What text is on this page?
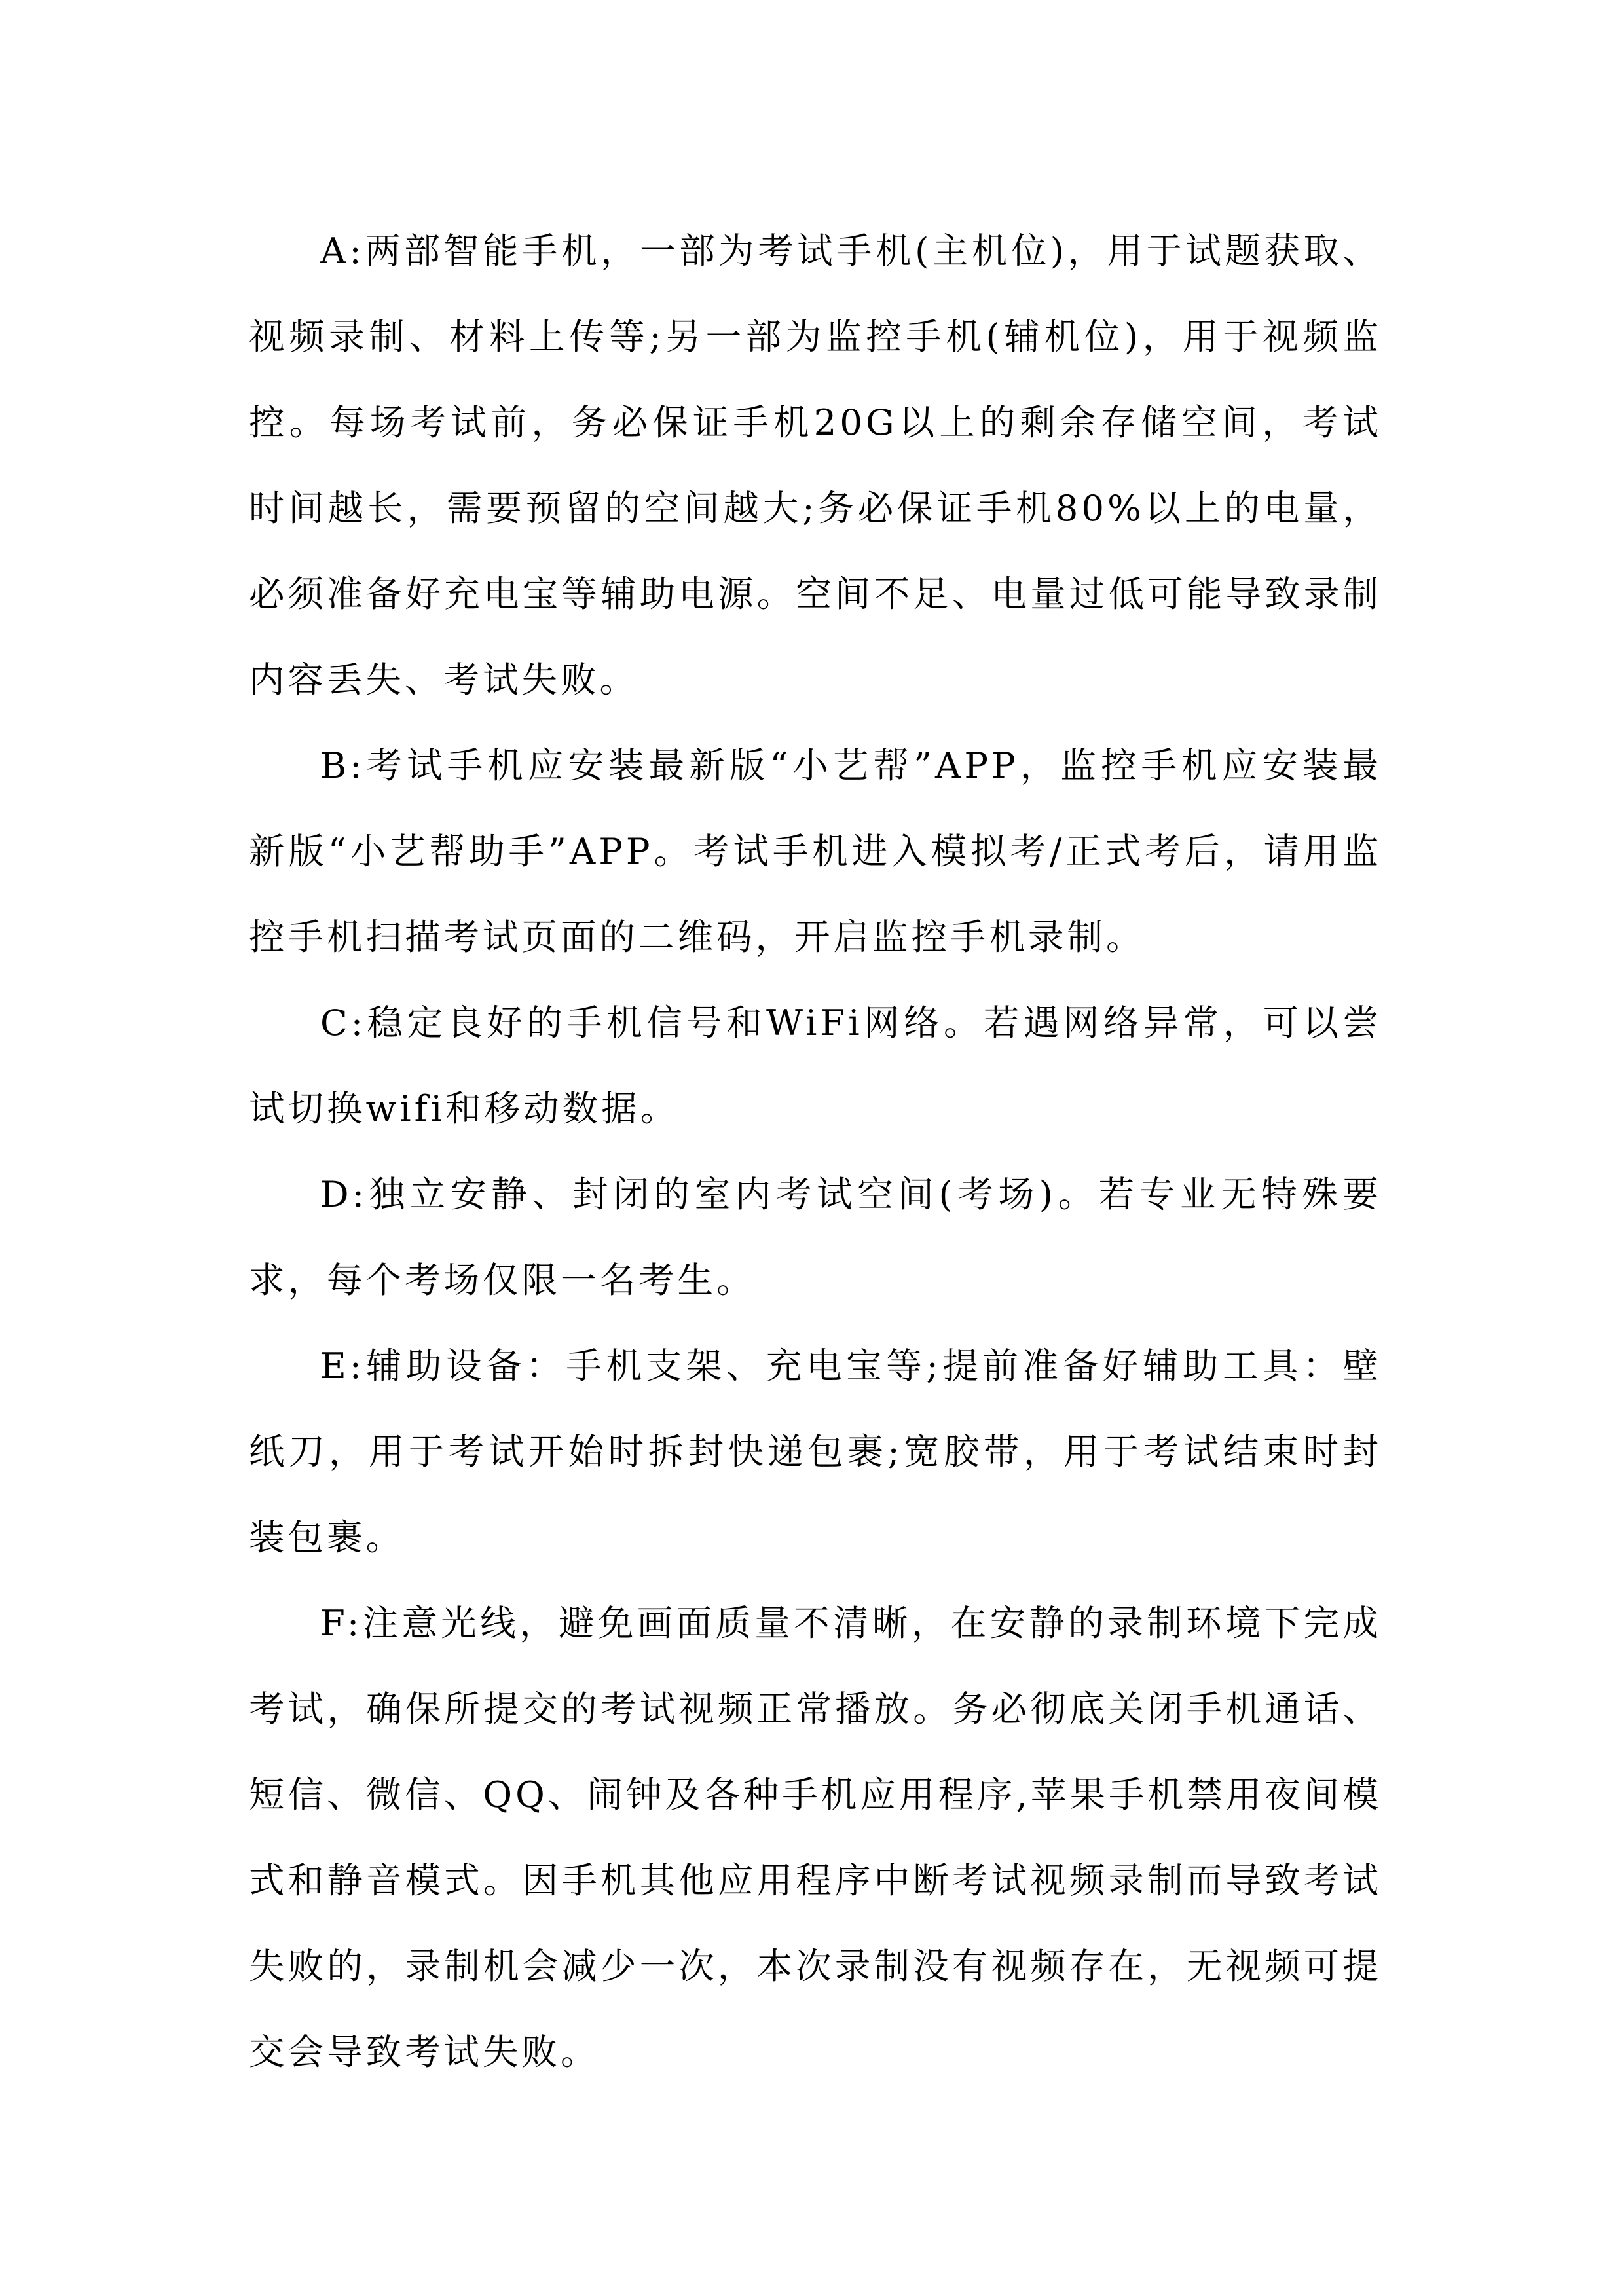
A:两部智能手机，一部为考试手机(主机位)，用于试题获取、视频录制、材料上传等;另一部为监控手机(辅机位)，用于视频监控。每场考试前，务必保证手机20G以上的剩余存储空间，考试时间越长，需要预留的空间越大;务必保证手机80%以上的电量，必须准备好充电宝等辅助电源。空间不足、电量过低可能导致录制内容丢失、考试失败。

B:考试手机应安装最新版“小艺帮”APP，监控手机应安装最新版“小艺帮助手”APP。考试手机进入模拟考/正式考后，请用监控手机扫描考试页面的二维码，开启监控手机录制。

C:稳定良好的手机信号和WiFi网络。若遇网络异常，可以尝试切换wifi和移动数据。

D:独立安静、封闭的室内考试空间(考场)。若专业无特殊要求，每个考场仅限一名考生。

E:辅助设备：手机支架、充电宝等;提前准备好辅助工具：壁纸刀，用于考试开始时拆封快递包裹;宽胶带，用于考试结束时封装包裹。

F:注意光线，避免画面质量不清晰，在安静的录制环境下完成考试，确保所提交的考试视频正常播放。务必彻底关闭手机通话、短信、微信、QQ、闹钟及各种手机应用程序,苹果手机禁用夜间模式和静音模式。因手机其他应用程序中断考试视频录制而导致考试失败的，录制机会减少一次，本次录制没有视频存在，无视频可提交会导致考试失败。
